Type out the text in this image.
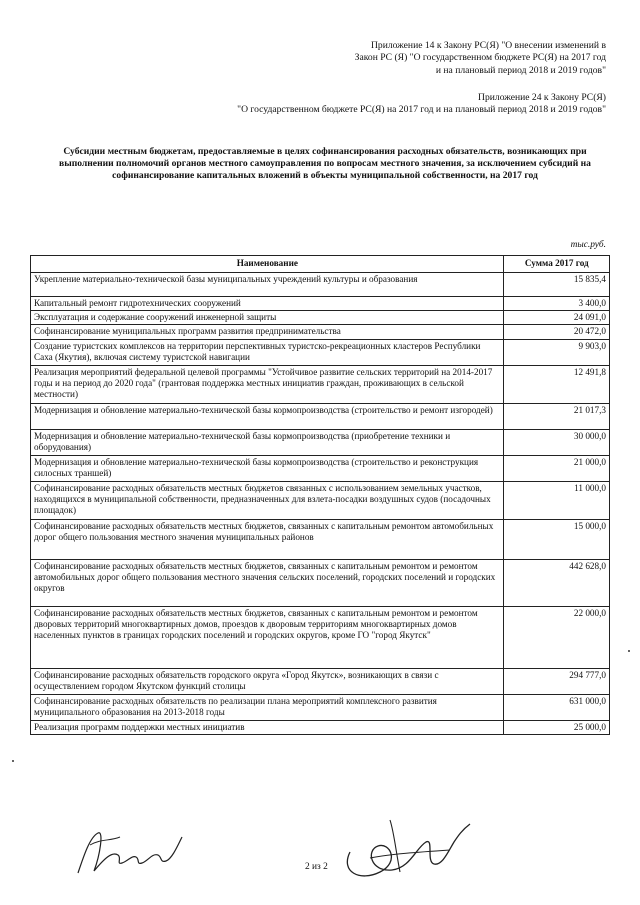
Приложение 14 к Закону РС(Я) "О внесении изменений в
Закон РС (Я) "О государственном бюджете РС(Я) на 2017 год
и на плановый период 2018 и 2019 годов"
Приложение 24 к Закону РС(Я)
"О государственном бюджете РС(Я) на 2017 год и на плановый период 2018 и 2019 годов"
Субсидии местным бюджетам, предоставляемые в целях софинансирования расходных обязательств, возникающих при выполнении полномочий органов местного самоуправления по вопросам местного значения, за исключением субсидий на софинансирование капитальных вложений в объекты муниципальной собственности, на 2017 год
тыс.руб.
Наименование	Сумма 2017 год
Укрепление материально-технической базы муниципальных учреждений культуры и образования	15 835,4
Капитальный ремонт гидротехнических сооружений	3 400,0
Эксплуатация и содержание сооружений инженерной защиты	24 091,0
Софинансирование муниципальных программ развития предпринимательства	20 472,0
Создание туристских комплексов на территории перспективных туристско-рекреационных кластеров Республики Саха (Якутия), включая систему туристской навигации	9 903,0
Реализация мероприятий федеральной целевой программы "Устойчивое развитие сельских территорий на 2014-2017 годы и на период до 2020 года" (грантовая поддержка местных инициатив граждан, проживающих в сельской местности)	12 491,8
Модернизация и обновление материально-технической базы кормопроизводства (строительство и ремонт изгородей)	21 017,3
Модернизация и обновление материально-технической базы кормопроизводства (приобретение техники и оборудования)	30 000,0
Модернизация и обновление материально-технической базы кормопроизводства (строительство и реконструкция силосных траншей)	21 000,0
Софинансирование расходных обязательств местных бюджетов связанных с использованием земельных участков, находящихся в муниципальной собственности, предназначенных для взлета-посадки воздушных судов (посадочных площадок)	11 000,0
Софинансирование расходных обязательств местных бюджетов, связанных с капитальным ремонтом автомобильных дорог общего пользования местного значения муниципальных районов	15 000,0
Софинансирование расходных обязательств местных бюджетов, связанных с капитальным ремонтом и ремонтом автомобильных дорог общего пользования местного значения сельских поселений, городских поселений и городских округов	442 628,0
Софинансирование расходных обязательств местных бюджетов, связанных с капитальным ремонтом и ремонтом дворовых территорий многоквартирных домов, проездов к дворовым территориям многоквартирных домов населенных пунктов в границах городских поселений и городских округов, кроме ГО "город Якутск"	22 000,0
Софинансирование расходных обязательств городского округа «Город Якутск», возникающих в связи с осуществлением городом Якутском функций столицы	294 777,0
Софинансирование расходных обязательств по реализации плана мероприятий комплексного развития муниципального образования на 2013-2018 годы	631 000,0
Реализация программ поддержки местных инициатив	25 000,0
2 из 2
